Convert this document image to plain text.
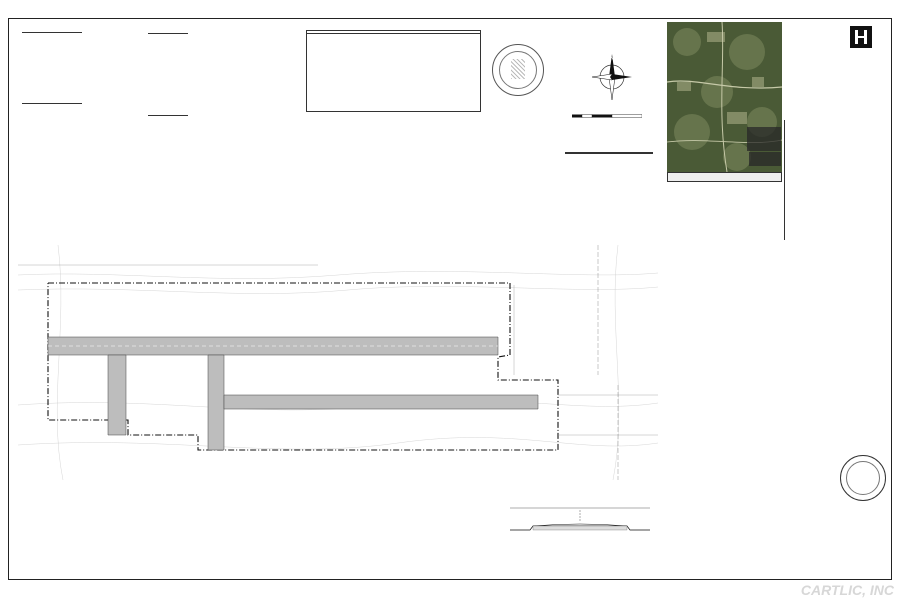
N
CARTLIC, INC
